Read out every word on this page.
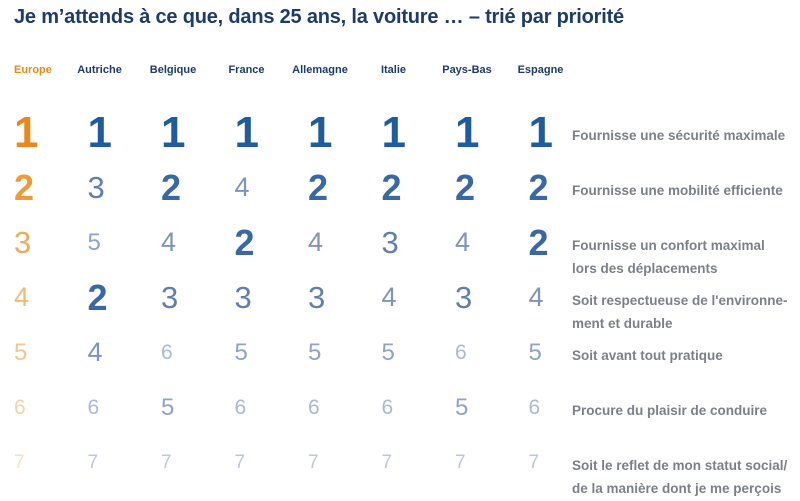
Je m’attends à ce que, dans 25 ans, la voiture … – trié par priorité
Europe Autriche	Belgique	France	Allemagne	Italie	Pays-Bas Espagne
1	1	1	1	1	1	1	1	Fournisse une sécurité maximale
2	3	2	4	2	2	2	2	Fournisse une mobilité efficiente
3	5	4	2	4	3	4	2	Fournisse un confort maximal
lors des déplacements
4	2	3	3	3	4	3	4	Soit respectueuse de l'environne-
ment et durable
5	4	6	5	5	5	6	5	Soit avant tout pratique
6	6	5	6	6	6	5	6	Procure du plaisir de conduire
7	7	7	7	7	7	7	7	Soit le reflet de mon statut social/
de la manière dont je me perçois
